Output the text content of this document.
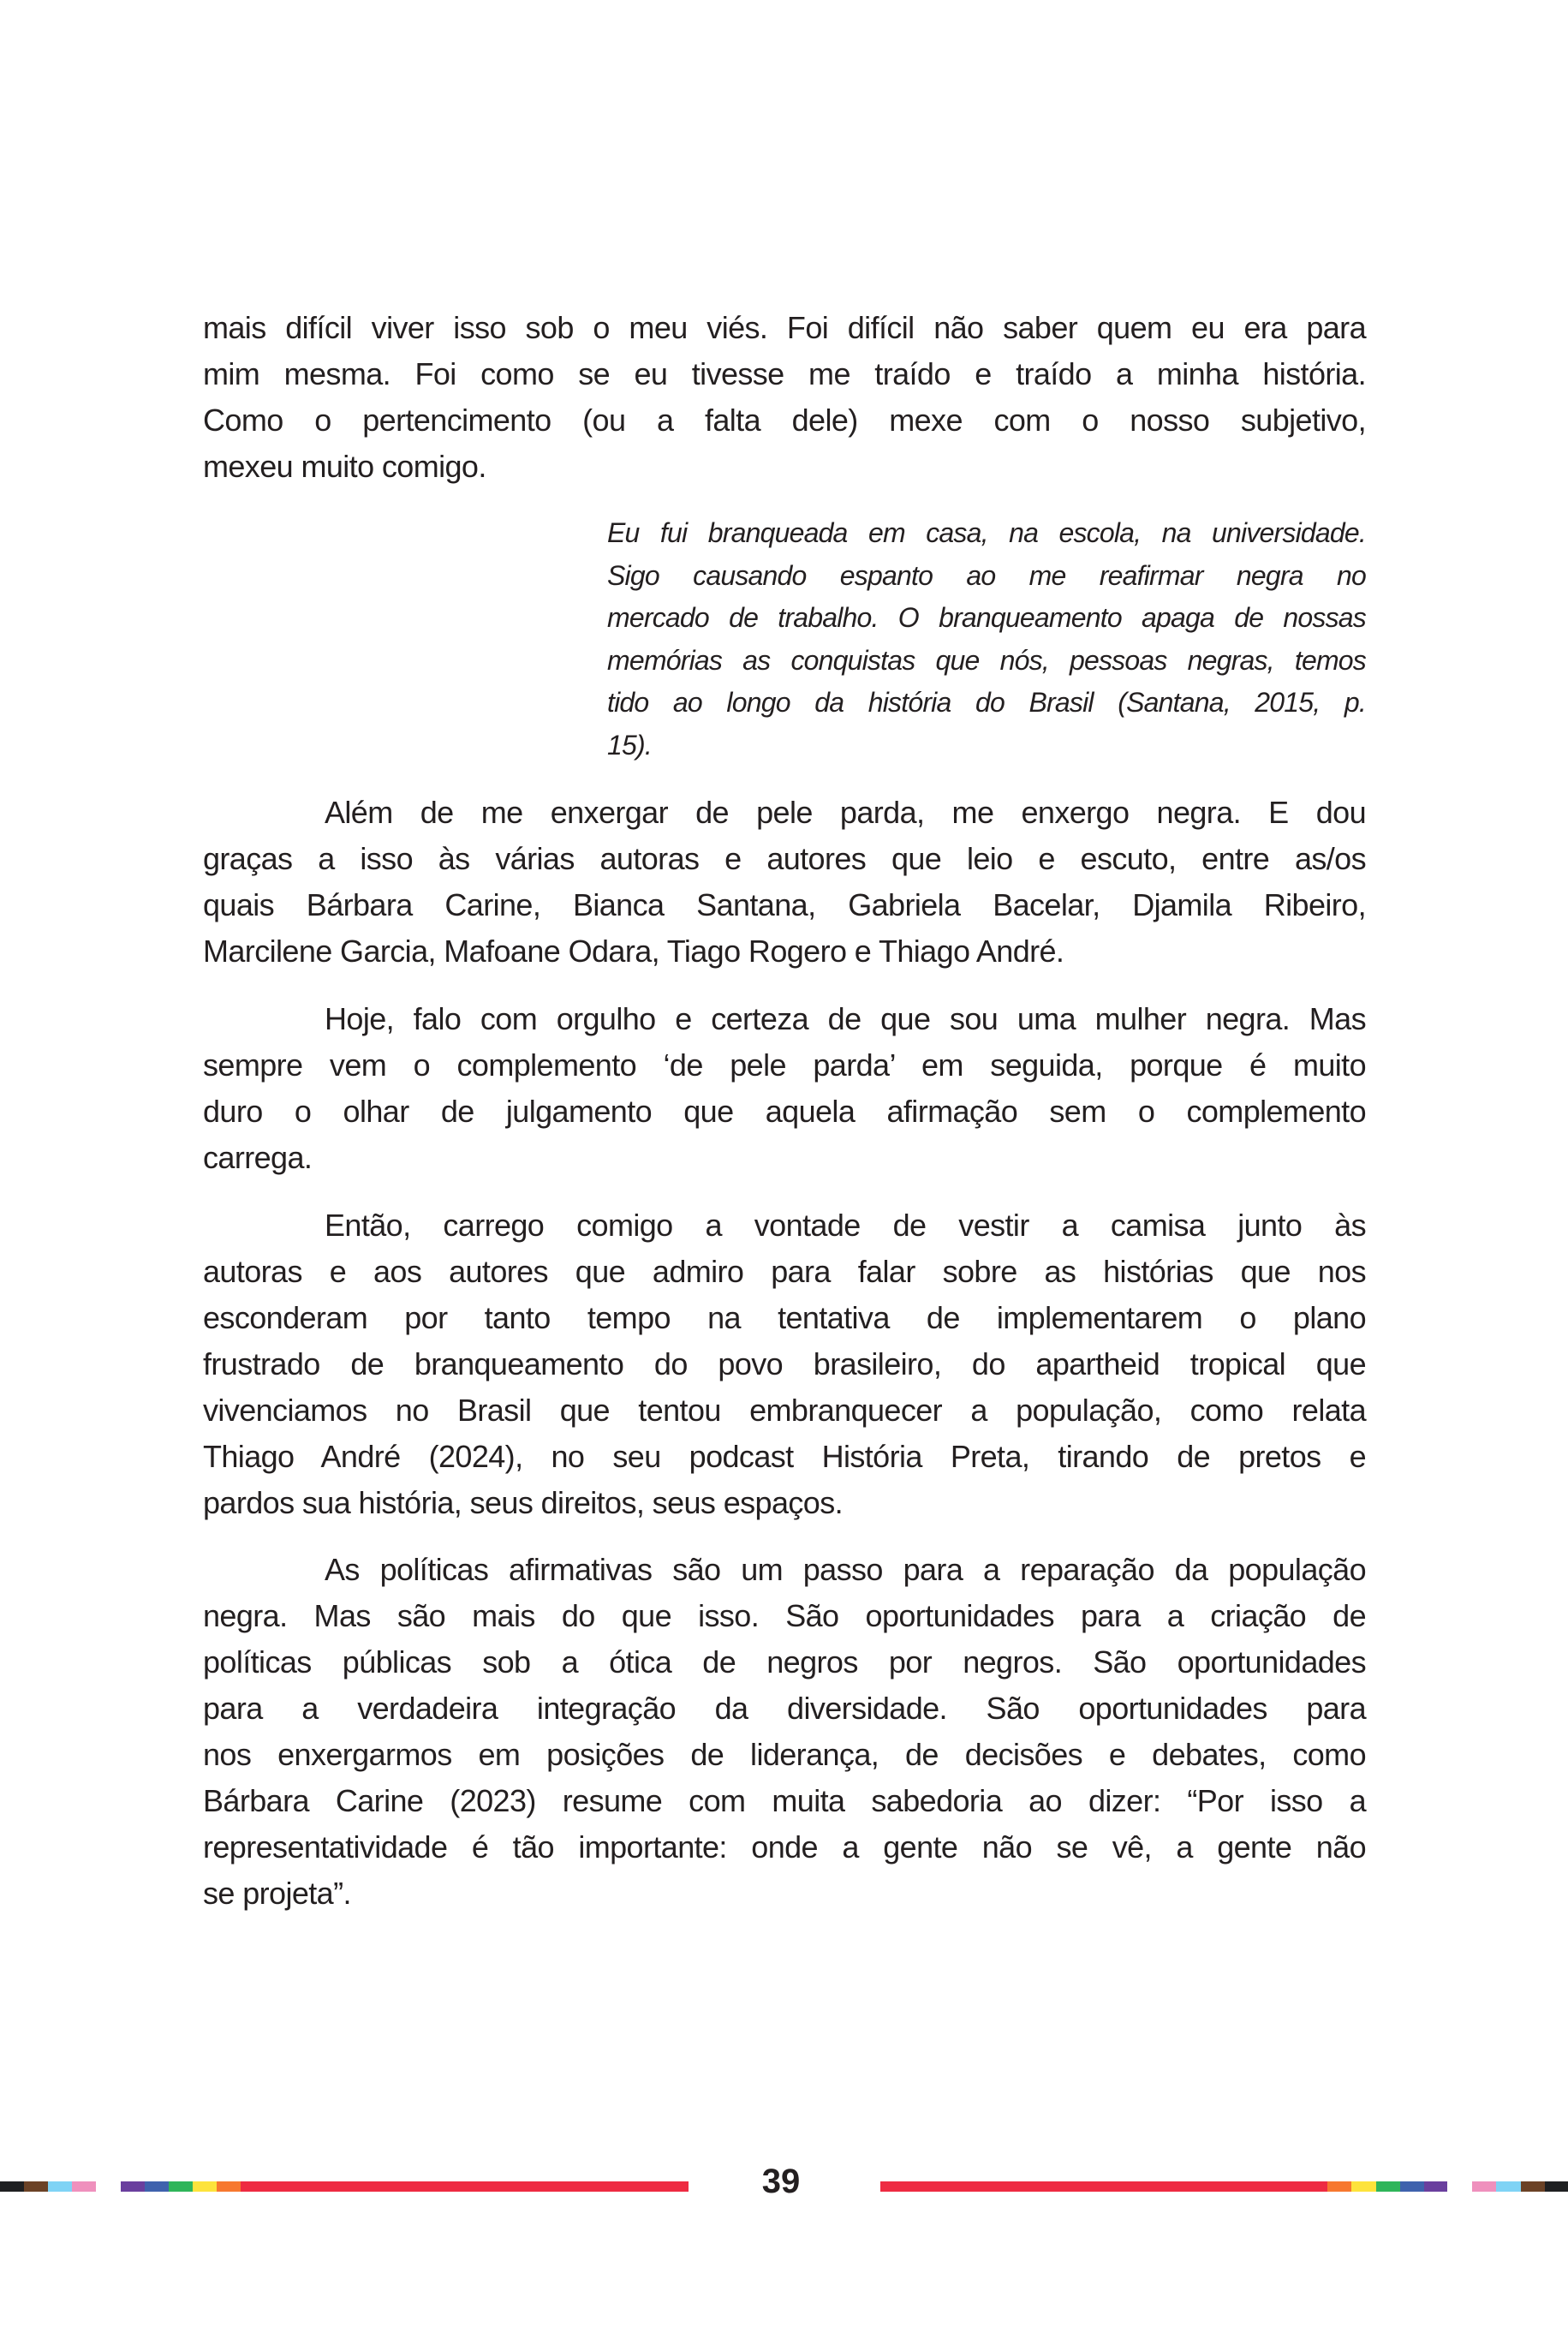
mais difícil viver isso sob o meu viés. Foi difícil não saber quem eu era para
mim mesma. Foi como se eu tivesse me traído e traído a minha história.
Como o pertencimento (ou a falta dele) mexe com o nosso subjetivo,
mexeu muito comigo.
Eu fui branqueada em casa, na escola, na universidade.
Sigo causando espanto ao me reafirmar negra no
mercado de trabalho. O branqueamento apaga de nossas
memórias as conquistas que nós, pessoas negras, temos
tido ao longo da história do Brasil (Santana, 2015, p.
15).
Além de me enxergar de pele parda, me enxergo negra. E dou
graças a isso às várias autoras e autores que leio e escuto, entre as/os
quais Bárbara Carine, Bianca Santana, Gabriela Bacelar, Djamila Ribeiro,
Marcilene Garcia, Mafoane Odara, Tiago Rogero e Thiago André.
Hoje, falo com orgulho e certeza de que sou uma mulher negra. Mas
sempre vem o complemento ‘de pele parda’ em seguida, porque é muito
duro o olhar de julgamento que aquela afirmação sem o complemento
carrega.
Então, carrego comigo a vontade de vestir a camisa junto às
autoras e aos autores que admiro para falar sobre as histórias que nos
esconderam por tanto tempo na tentativa de implementarem o plano
frustrado de branqueamento do povo brasileiro, do apartheid tropical que
vivenciamos no Brasil que tentou embranquecer a população, como relata
Thiago André (2024), no seu podcast História Preta, tirando de pretos e
pardos sua história, seus direitos, seus espaços.
As políticas afirmativas são um passo para a reparação da população
negra. Mas são mais do que isso. São oportunidades para a criação de
políticas públicas sob a ótica de negros por negros. São oportunidades
para a verdadeira integração da diversidade. São oportunidades para
nos enxergarmos em posições de liderança, de decisões e debates, como
Bárbara Carine (2023) resume com muita sabedoria ao dizer: “Por isso a
representatividade é tão importante: onde a gente não se vê, a gente não
se projeta”.
39
